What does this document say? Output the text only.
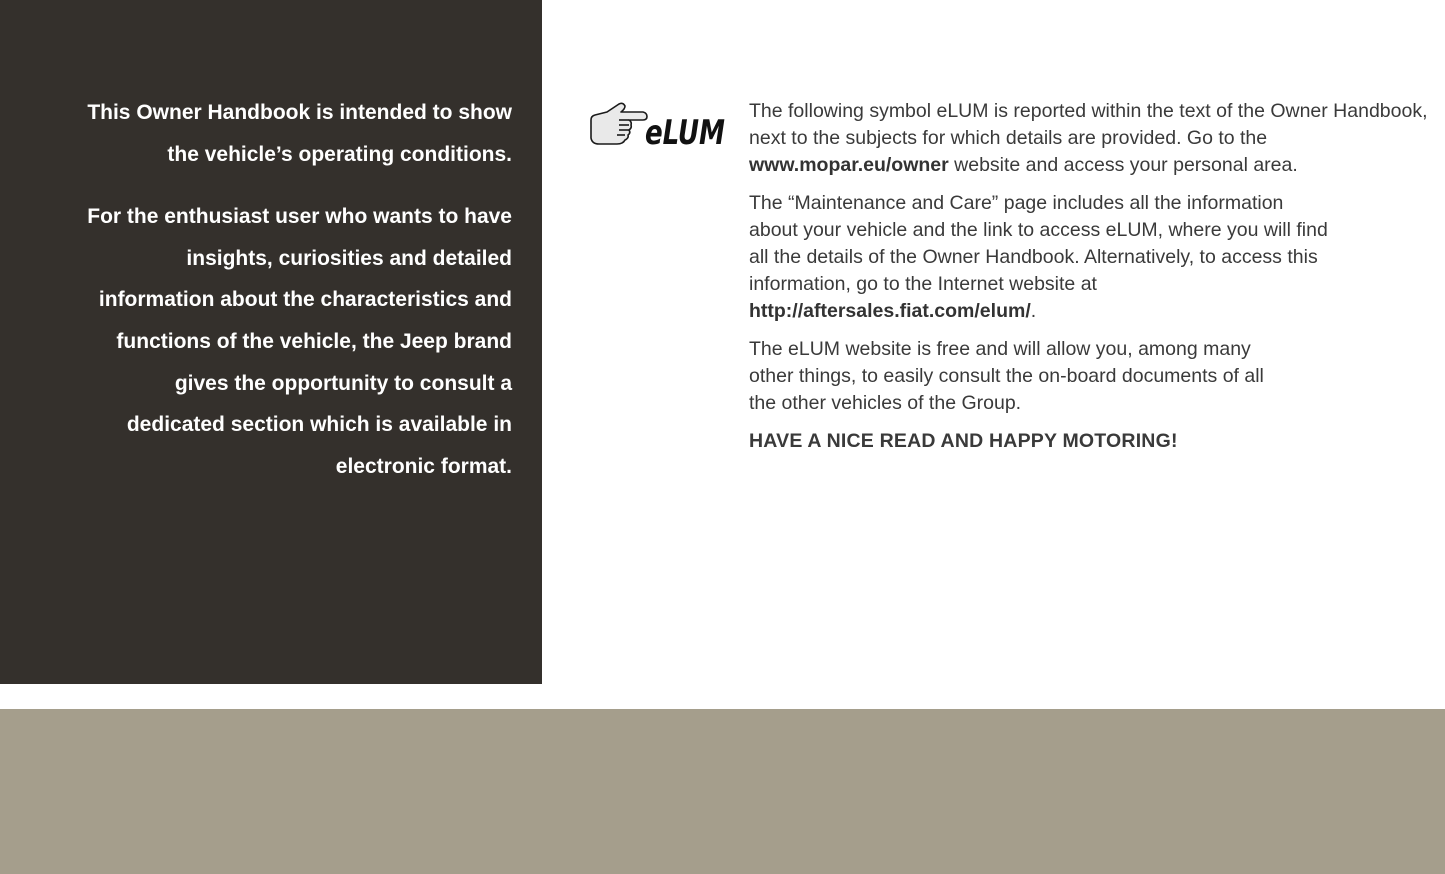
This Owner Handbook is intended to show the vehicle’s operating conditions.

For the enthusiast user who wants to have insights, curiosities and detailed information about the characteristics and functions of the vehicle, the Jeep brand gives the opportunity to consult a dedicated section which is available in electronic format.

eLUM

The following symbol eLUM is reported within the text of the Owner Handbook, next to the subjects for which details are provided. Go to the www.mopar.eu/owner website and access your personal area.

The “Maintenance and Care” page includes all the information about your vehicle and the link to access eLUM, where you will find all the details of the Owner Handbook. Alternatively, to access this information, go to the Internet website at http://aftersales.fiat.com/elum/.

The eLUM website is free and will allow you, among many other things, to easily consult the on-board documents of all the other vehicles of the Group.

HAVE A NICE READ AND HAPPY MOTORING!
